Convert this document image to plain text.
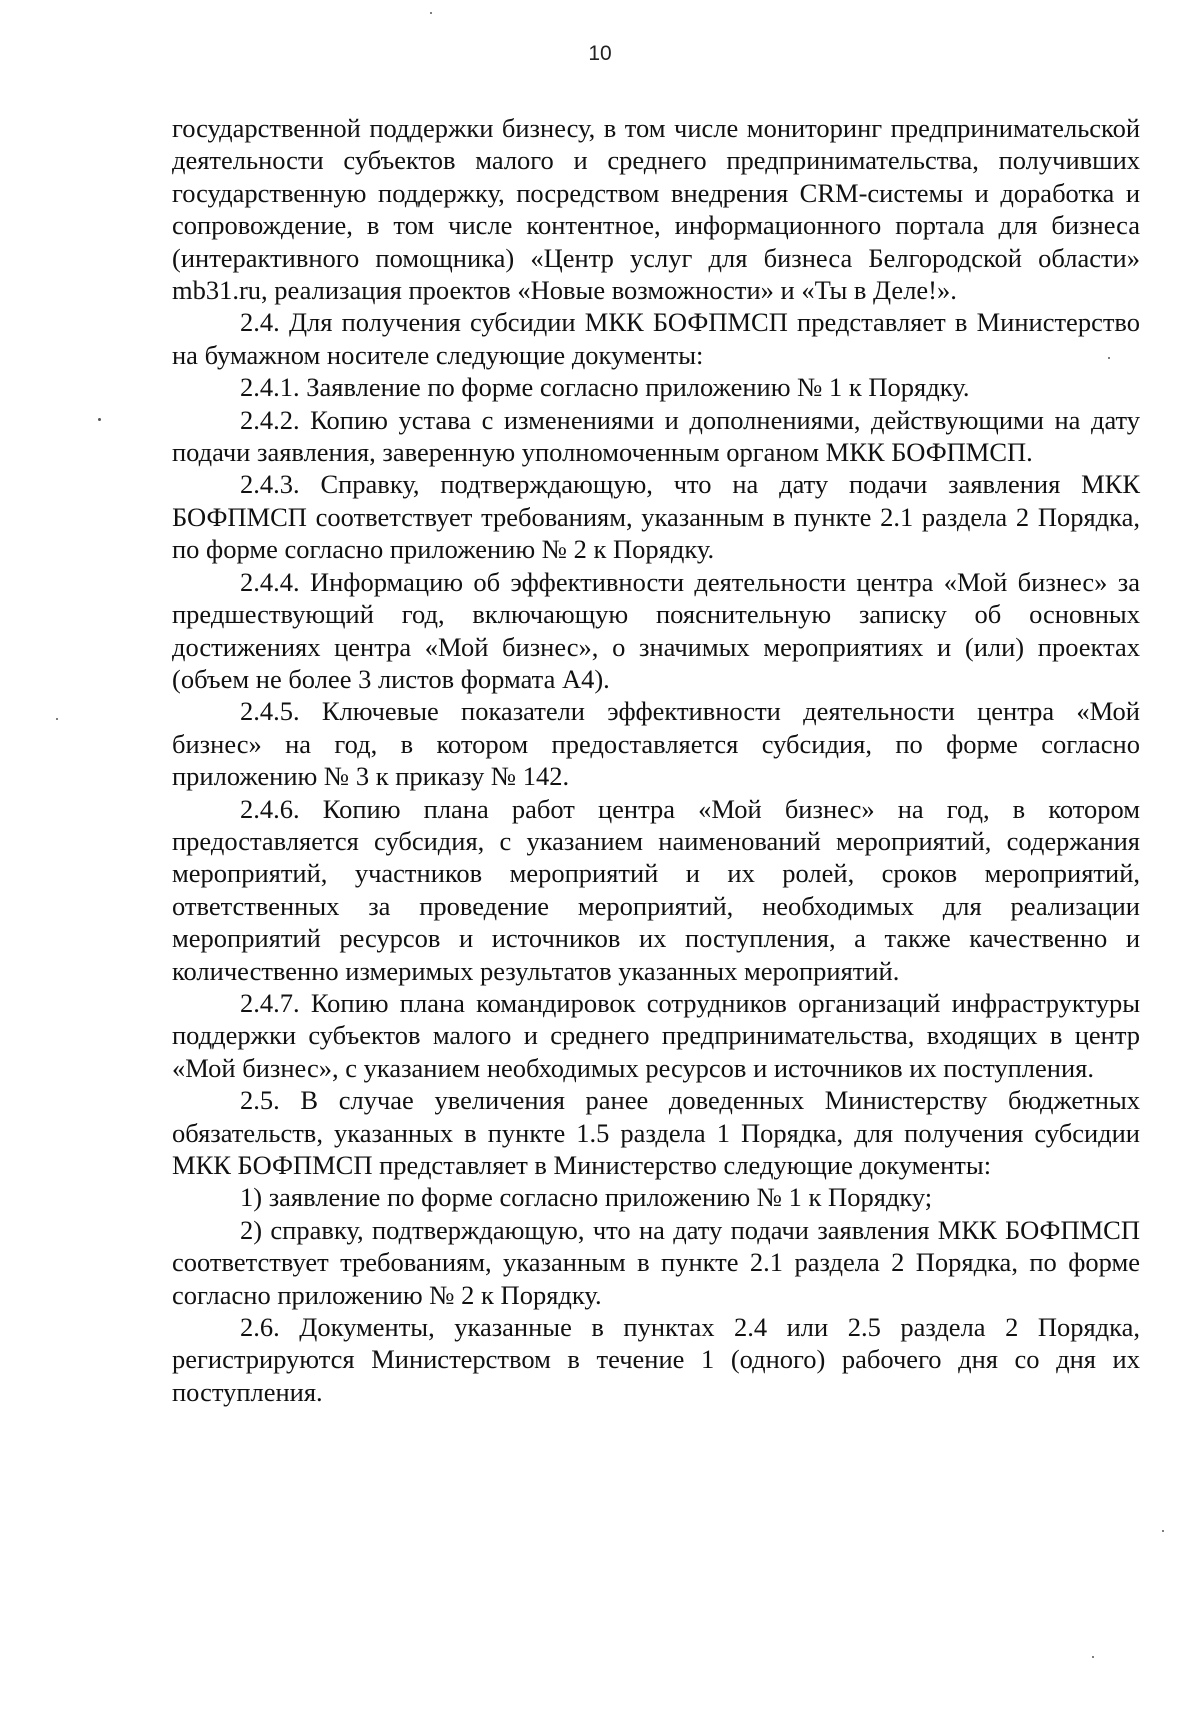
10

государственной поддержки бизнесу, в том числе мониторинг предпринимательской деятельности субъектов малого и среднего предпринимательства, получивших государственную поддержку, посредством внедрения CRM-системы и доработка и сопровождение, в том числе контентное, информационного портала для бизнеса (интерактивного помощника) «Центр услуг для бизнеса Белгородской области» mb31.ru, реализация проектов «Новые возможности» и «Ты в Деле!».

2.4. Для получения субсидии МКК БОФПМСП представляет в Министерство на бумажном носителе следующие документы:

2.4.1. Заявление по форме согласно приложению № 1 к Порядку.

2.4.2. Копию устава с изменениями и дополнениями, действующими на дату подачи заявления, заверенную уполномоченным органом МКК БОФПМСП.

2.4.3. Справку, подтверждающую, что на дату подачи заявления МКК БОФПМСП соответствует требованиям, указанным в пункте 2.1 раздела 2 Порядка, по форме согласно приложению № 2 к Порядку.

2.4.4. Информацию об эффективности деятельности центра «Мой бизнес» за предшествующий год, включающую пояснительную записку об основных достижениях центра «Мой бизнес», о значимых мероприятиях и (или) проектах (объем не более 3 листов формата А4).

2.4.5. Ключевые показатели эффективности деятельности центра «Мой бизнес» на год, в котором предоставляется субсидия, по форме согласно приложению № 3 к приказу № 142.

2.4.6. Копию плана работ центра «Мой бизнес» на год, в котором предоставляется субсидия, с указанием наименований мероприятий, содержания мероприятий, участников мероприятий и их ролей, сроков мероприятий, ответственных за проведение мероприятий, необходимых для реализации мероприятий ресурсов и источников их поступления, а также качественно и количественно измеримых результатов указанных мероприятий.

2.4.7. Копию плана командировок сотрудников организаций инфраструктуры поддержки субъектов малого и среднего предпринимательства, входящих в центр «Мой бизнес», с указанием необходимых ресурсов и источников их поступления.

2.5. В случае увеличения ранее доведенных Министерству бюджетных обязательств, указанных в пункте 1.5 раздела 1 Порядка, для получения субсидии МКК БОФПМСП представляет в Министерство следующие документы:

1) заявление по форме согласно приложению № 1 к Порядку;

2) справку, подтверждающую, что на дату подачи заявления МКК БОФПМСП соответствует требованиям, указанным в пункте 2.1 раздела 2 Порядка, по форме согласно приложению № 2 к Порядку.

2.6. Документы, указанные в пунктах 2.4 или 2.5 раздела 2 Порядка, регистрируются Министерством в течение 1 (одного) рабочего дня со дня их поступления.
